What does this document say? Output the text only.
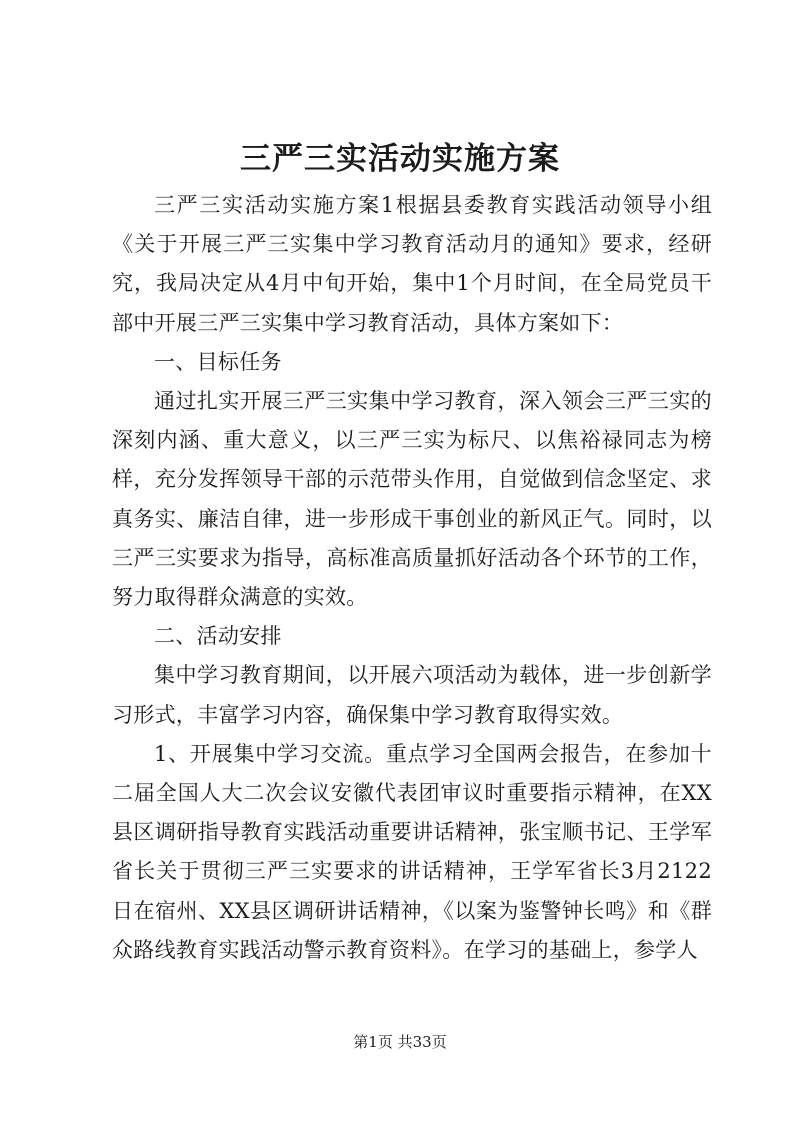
三严三实活动实施方案

三严三实活动实施方案1根据县委教育实践活动领导小组《关于开展三严三实集中学习教育活动月的通知》要求，经研究，我局决定从4月中旬开始，集中1个月时间，在全局党员干部中开展三严三实集中学习教育活动，具体方案如下：

一、目标任务

通过扎实开展三严三实集中学习教育，深入领会三严三实的深刻内涵、重大意义，以三严三实为标尺、以焦裕禄同志为榜样，充分发挥领导干部的示范带头作用，自觉做到信念坚定、求真务实、廉洁自律，进一步形成干事创业的新风正气。同时，以三严三实要求为指导，高标准高质量抓好活动各个环节的工作，努力取得群众满意的实效。

二、活动安排

集中学习教育期间，以开展六项活动为载体，进一步创新学习形式，丰富学习内容，确保集中学习教育取得实效。

1、开展集中学习交流。重点学习全国两会报告，在参加十二届全国人大二次会议安徽代表团审议时重要指示精神，在XX县区调研指导教育实践活动重要讲话精神，张宝顺书记、王学军省长关于贯彻三严三实要求的讲话精神，王学军省长3月2122日在宿州、XX县区调研讲话精神，《以案为鉴警钟长鸣》和《群众路线教育实践活动警示教育资料》。在学习的基础上，参学人

第1页 共33页
